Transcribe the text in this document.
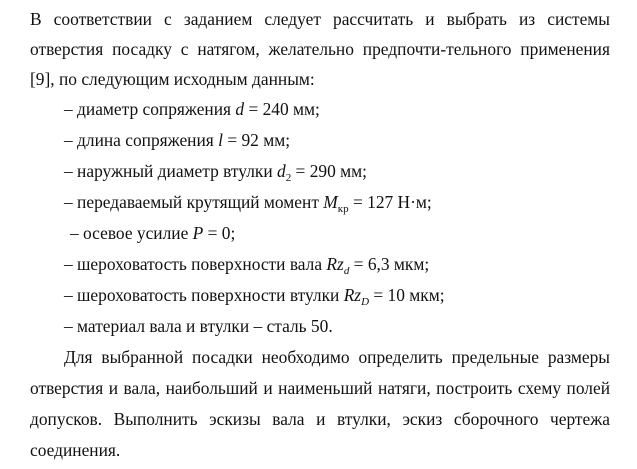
В соответствии с заданием следует рассчитать и выбрать из системы
отверстия посадку с натягом, желательно предпочти-тельного применения
[9], по следующим исходным данным:
– диаметр сопряжения d = 240 мм;
– длина сопряжения l = 92 мм;
– наружный диаметр втулки $d_2 = 290$ мм;
– передаваемый крутящий момент $M_{кр} = 127$ Н·м;
– осевое усилие P = 0;
– шероховатость поверхности вала $Rz_d = 6,3$ мкм;
– шероховатость поверхности втулки $Rz_D = 10$ мкм;
– материал вала и втулки – сталь 50.
Для выбранной посадки необходимо определить предельные размеры
отверстия и вала, наибольший и наименьший натяги, построить схему полей
допусков. Выполнить эскизы вала и втулки, эскиз сборочного чертежа
соединения.
